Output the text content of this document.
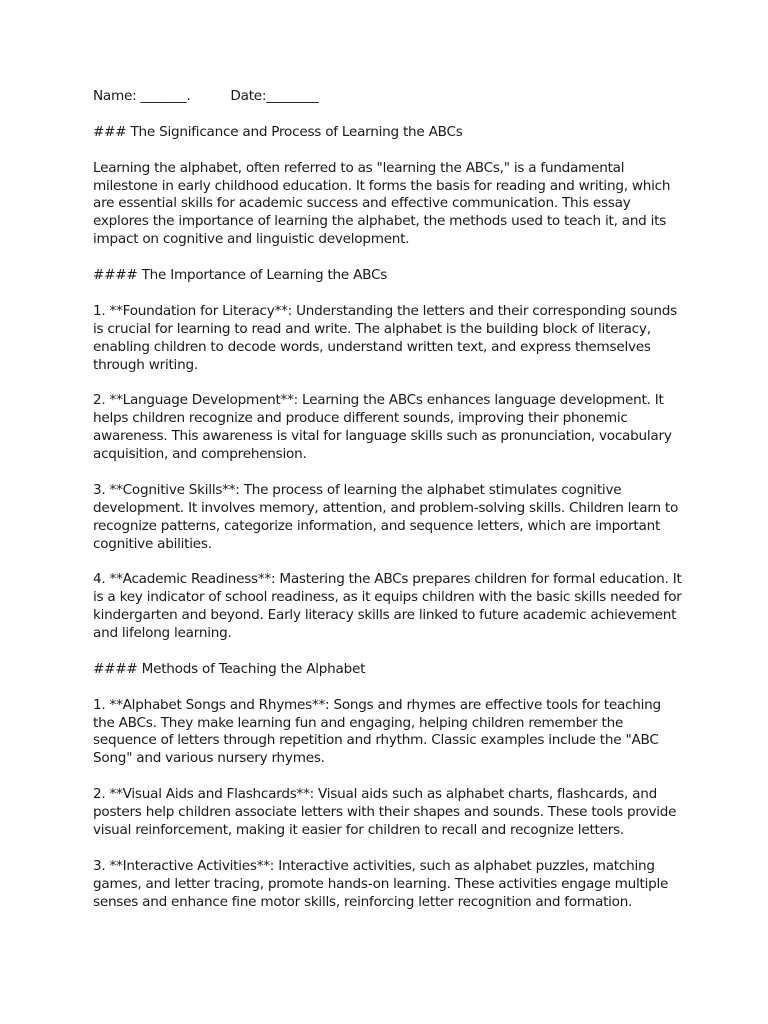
Name: _______.	Date:________

### The Significance and Process of Learning the ABCs

Learning the alphabet, often referred to as "learning the ABCs," is a fundamental milestone in early childhood education. It forms the basis for reading and writing, which are essential skills for academic success and effective communication. This essay explores the importance of learning the alphabet, the methods used to teach it, and its impact on cognitive and linguistic development.

#### The Importance of Learning the ABCs

1. **Foundation for Literacy**: Understanding the letters and their corresponding sounds is crucial for learning to read and write. The alphabet is the building block of literacy, enabling children to decode words, understand written text, and express themselves through writing.

2. **Language Development**: Learning the ABCs enhances language development. It helps children recognize and produce different sounds, improving their phonemic awareness. This awareness is vital for language skills such as pronunciation, vocabulary acquisition, and comprehension.

3. **Cognitive Skills**: The process of learning the alphabet stimulates cognitive development. It involves memory, attention, and problem-solving skills. Children learn to recognize patterns, categorize information, and sequence letters, which are important cognitive abilities.

4. **Academic Readiness**: Mastering the ABCs prepares children for formal education. It is a key indicator of school readiness, as it equips children with the basic skills needed for kindergarten and beyond. Early literacy skills are linked to future academic achievement and lifelong learning.

#### Methods of Teaching the Alphabet

1. **Alphabet Songs and Rhymes**: Songs and rhymes are effective tools for teaching the ABCs. They make learning fun and engaging, helping children remember the sequence of letters through repetition and rhythm. Classic examples include the "ABC Song" and various nursery rhymes.

2. **Visual Aids and Flashcards**: Visual aids such as alphabet charts, flashcards, and posters help children associate letters with their shapes and sounds. These tools provide visual reinforcement, making it easier for children to recall and recognize letters.

3. **Interactive Activities**: Interactive activities, such as alphabet puzzles, matching games, and letter tracing, promote hands-on learning. These activities engage multiple senses and enhance fine motor skills, reinforcing letter recognition and formation.
